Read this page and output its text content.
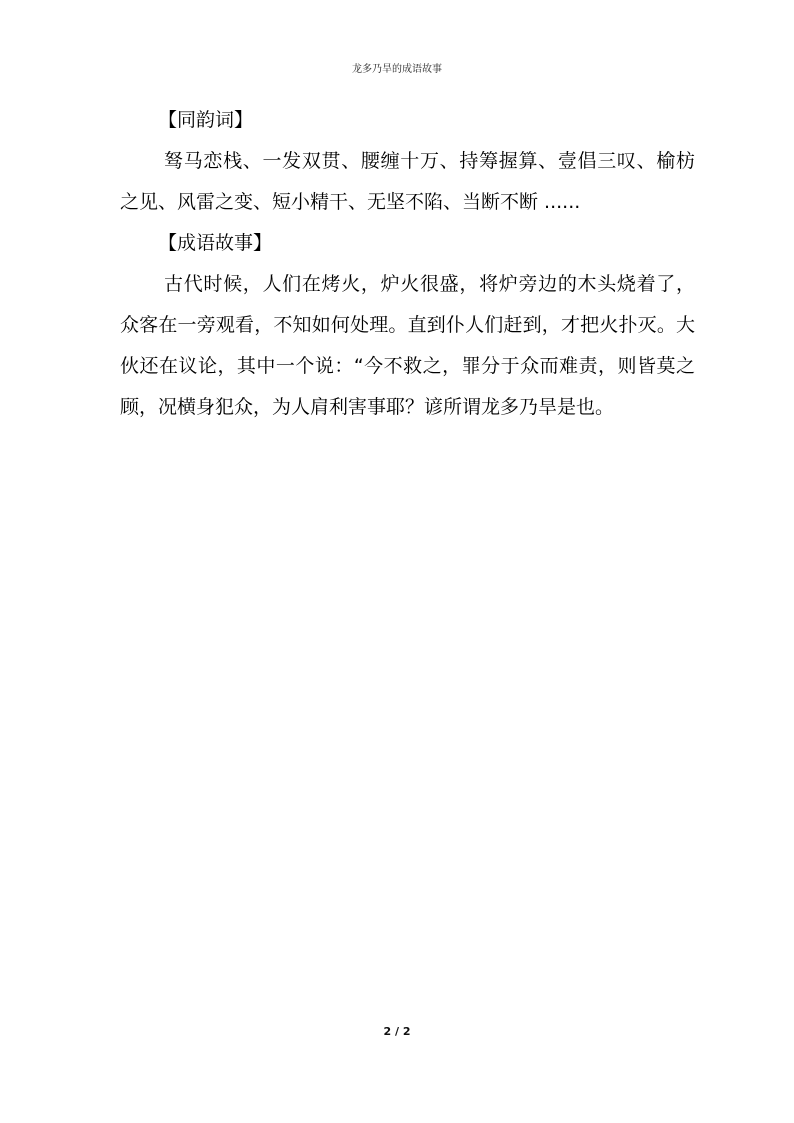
龙多乃旱的成语故事
【同韵词】

驽马恋栈、一发双贯、腰缠十万、持筹握算、壹倡三叹、榆枋之见、风雷之变、短小精干、无坚不陷、当断不断 ......

【成语故事】

古代时候，人们在烤火，炉火很盛，将炉旁边的木头烧着了，众客在一旁观看，不知如何处理。直到仆人们赶到，才把火扑灭。大伙还在议论，其中一个说：“今不救之，罪分于众而难责，则皆莫之顾，况横身犯众，为人肩利害事耶？谚所谓龙多乃旱是也。

2 / 2
